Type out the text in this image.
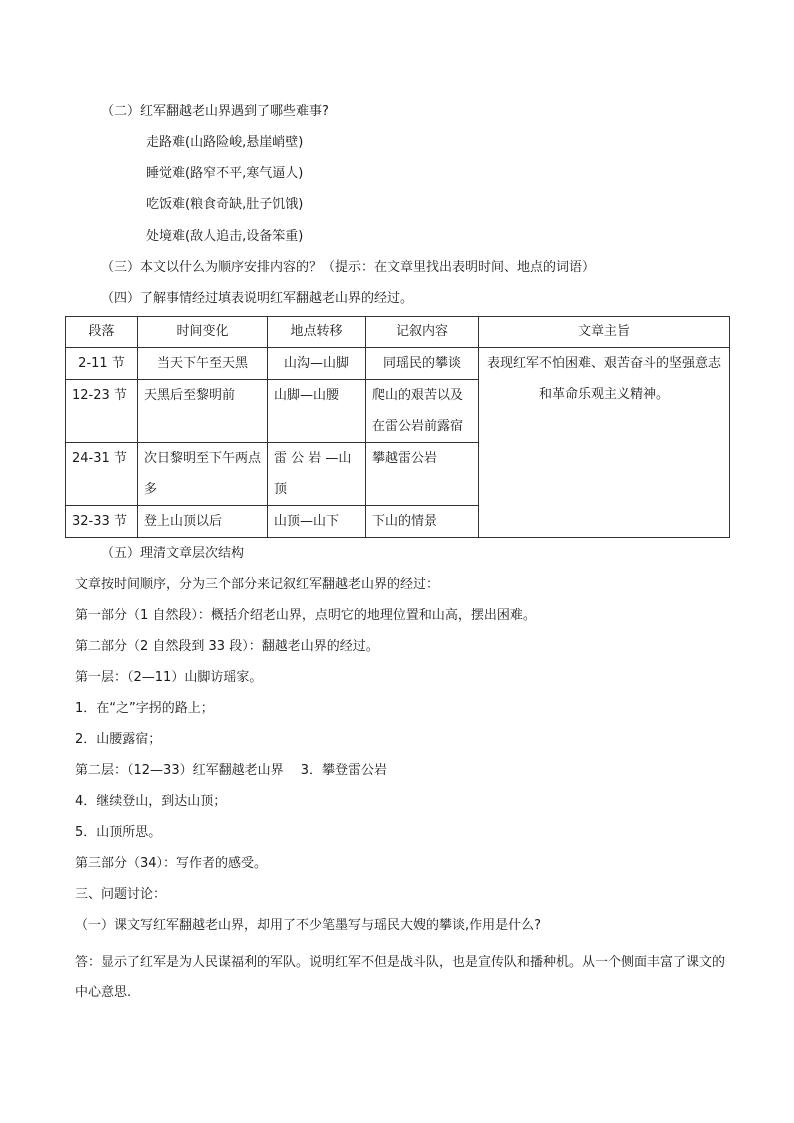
（二）红军翻越老山界遇到了哪些难事?
走路难(山路险峻,悬崖峭壁)
睡觉难(路窄不平,寒气逼人)
吃饭难(粮食奇缺,肚子饥饿)
处境难(敌人追击,设备笨重)
（三）本文以什么为顺序安排内容的？（提示：在文章里找出表明时间、地点的词语）
（四）了解事情经过填表说明红军翻越老山界的经过。
段落	时间变化	地点转移	记叙内容	文章主旨
2-11 节	当天下午至天黑	山沟—山脚	同瑶民的攀谈	表现红军不怕困难、艰苦奋斗的坚强意志和革命乐观主义精神。
12-23 节	天黑后至黎明前	山脚—山腰	爬山的艰苦以及在雷公岩前露宿	
24-31 节	次日黎明至下午两点多	雷 公 岩 —山顶	攀越雷公岩	
32-33 节	登上山顶以后	山顶—山下	下山的情景	
（五）理清文章层次结构
文章按时间顺序，分为三个部分来记叙红军翻越老山界的经过：
第一部分（1 自然段）：概括介绍老山界，点明它的地理位置和山高，摆出困难。
第二部分（2 自然段到 33 段）：翻越老山界的经过。
第一层：（2—11）山脚访瑶家。
1．在“之”字拐的路上；
2．山腰露宿；
第二层：（12—33）红军翻越老山界　 3．攀登雷公岩
4．继续登山，到达山顶；
5．山顶所思。
第三部分（34）：写作者的感受。
三、问题讨论：
（一）课文写红军翻越老山界，却用了不少笔墨写与瑶民大嫂的攀谈,作用是什么?
答：显示了红军是为人民谋福利的军队。说明红军不但是战斗队，也是宣传队和播种机。从一个侧面丰富了课文的中心意思.
